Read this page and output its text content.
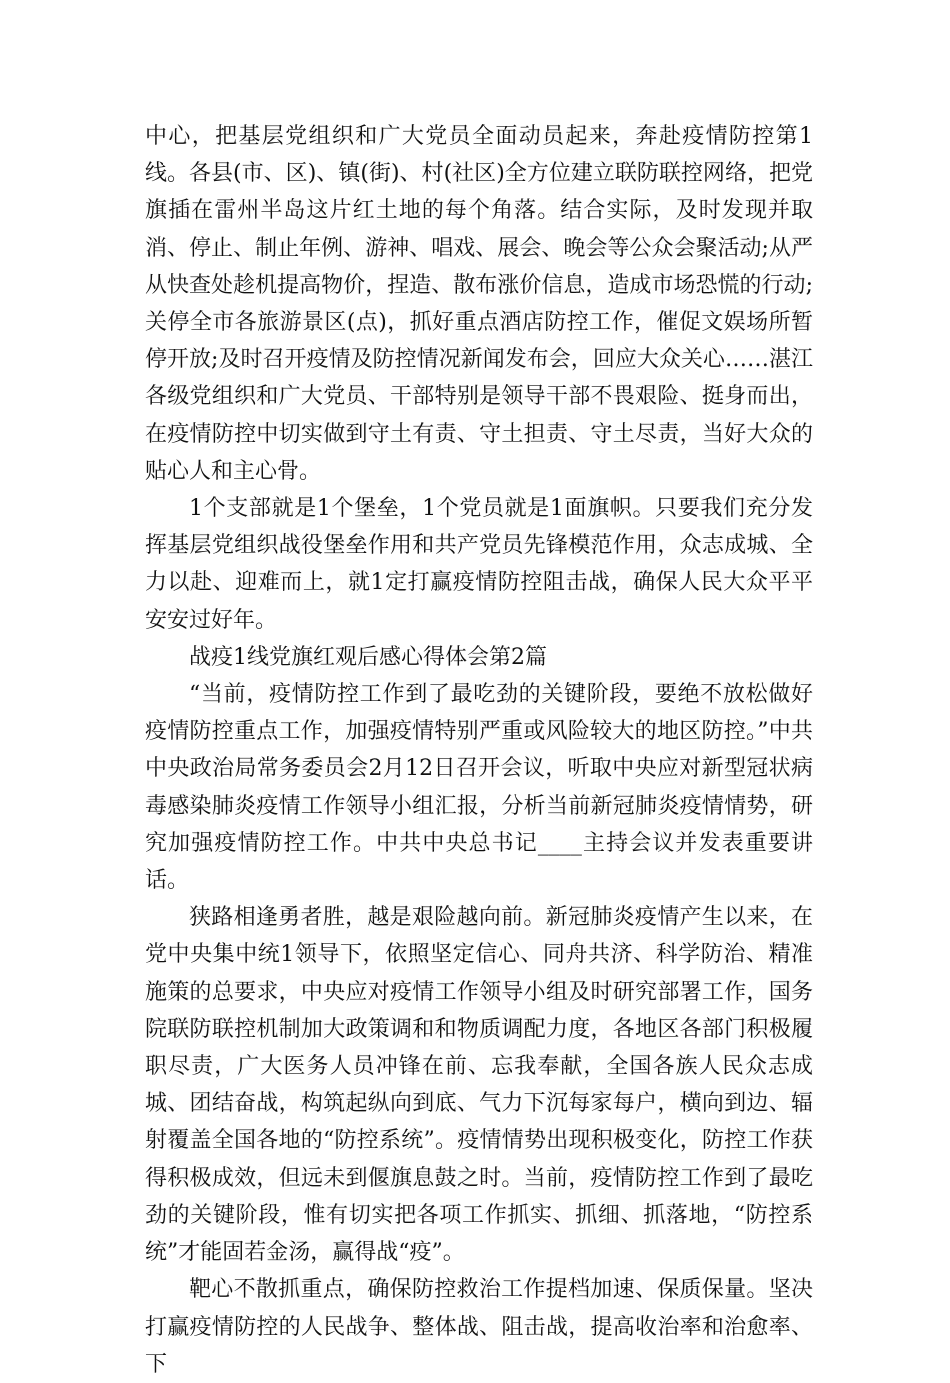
中心，把基层党组织和广大党员全面动员起来，奔赴疫情防控第1线。各县(市、区)、镇(街)、村(社区)全方位建立联防联控网络，把党旗插在雷州半岛这片红土地的每个角落。结合实际，及时发现并取消、停止、制止年例、游神、唱戏、展会、晚会等公众会聚活动;从严从快查处趁机提高物价，捏造、散布涨价信息，造成市场恐慌的行动;关停全市各旅游景区(点)，抓好重点酒店防控工作，催促文娱场所暂停开放;及时召开疫情及防控情况新闻发布会，回应大众关心……湛江各级党组织和广大党员、干部特别是领导干部不畏艰险、挺身而出，在疫情防控中切实做到守土有责、守土担责、守土尽责，当好大众的贴心人和主心骨。

1个支部就是1个堡垒，1个党员就是1面旗帜。只要我们充分发挥基层党组织战役堡垒作用和共产党员先锋模范作用，众志成城、全力以赴、迎难而上，就1定打赢疫情防控阻击战，确保人民大众平平安安过好年。

战疫1线党旗红观后感心得体会第2篇

“当前，疫情防控工作到了最吃劲的关键阶段，要绝不放松做好疫情防控重点工作，加强疫情特别严重或风险较大的地区防控。”中共中央政治局常务委员会2月12日召开会议，听取中央应对新型冠状病毒感染肺炎疫情工作领导小组汇报，分析当前新冠肺炎疫情情势，研究加强疫情防控工作。中共中央总书记____主持会议并发表重要讲话。

狭路相逢勇者胜，越是艰险越向前。新冠肺炎疫情产生以来，在党中央集中统1领导下，依照坚定信心、同舟共济、科学防治、精准施策的总要求，中央应对疫情工作领导小组及时研究部署工作，国务院联防联控机制加大政策调和和物质调配力度，各地区各部门积极履职尽责，广大医务人员冲锋在前、忘我奉献，全国各族人民众志成城、团结奋战，构筑起纵向到底、气力下沉每家每户，横向到边、辐射覆盖全国各地的“防控系统”。疫情情势出现积极变化，防控工作获得积极成效，但远未到偃旗息鼓之时。当前，疫情防控工作到了最吃劲的关键阶段，惟有切实把各项工作抓实、抓细、抓落地，“防控系统”才能固若金汤，赢得战“疫”。

靶心不散抓重点，确保防控救治工作提档加速、保质保量。坚决打赢疫情防控的人民战争、整体战、阻击战，提高收治率和治愈率、下
